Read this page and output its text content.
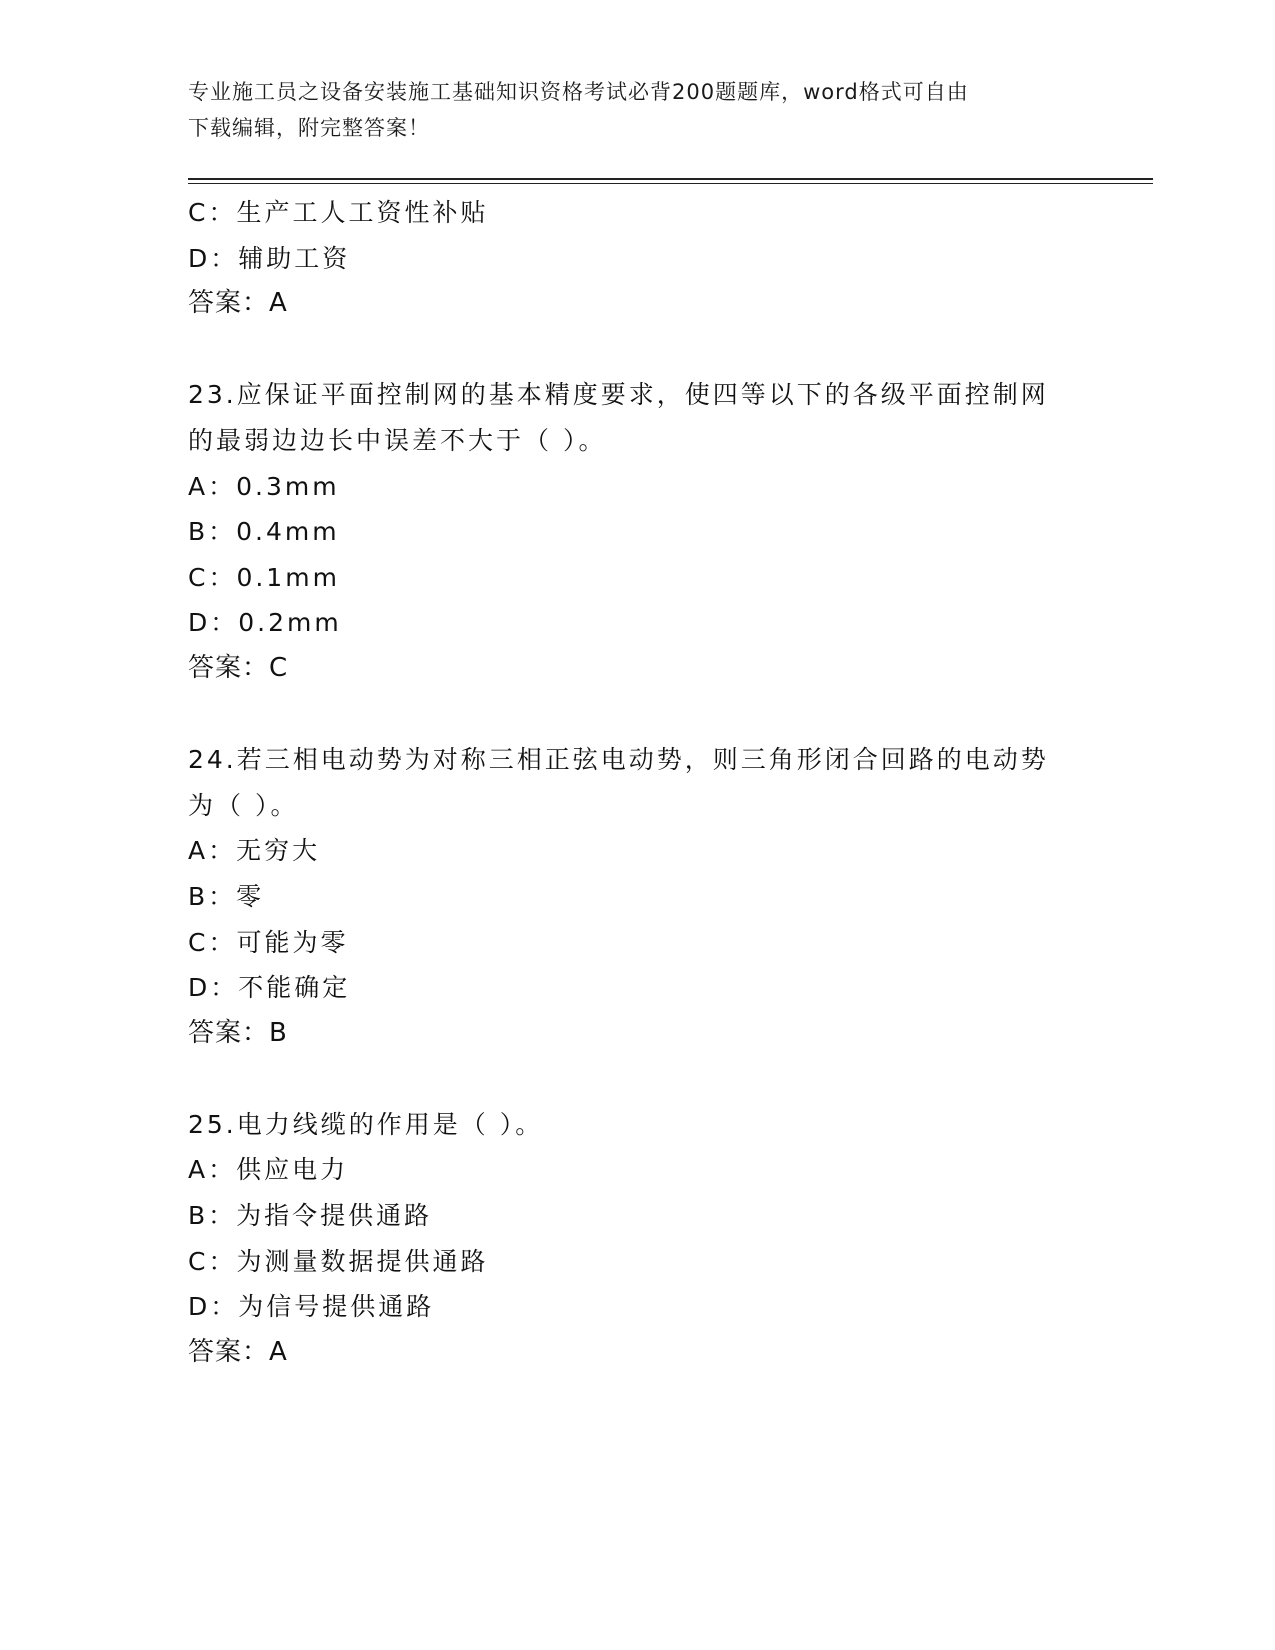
专业施工员之设备安装施工基础知识资格考试必背200题题库，word格式可自由
下载编辑，附完整答案！
C：生产工人工资性补贴
D：辅助工资
答案：A
23.应保证平面控制网的基本精度要求，使四等以下的各级平面控制网
的最弱边边长中误差不大于（ ）。
A：0.3mm
B：0.4mm
C：0.1mm
D：0.2mm
答案：C
24.若三相电动势为对称三相正弦电动势，则三角形闭合回路的电动势
为（ ）。
A：无穷大
B：零
C：可能为零
D：不能确定
答案：B
25.电力线缆的作用是（ ）。
A：供应电力
B：为指令提供通路
C：为测量数据提供通路
D：为信号提供通路
答案：A
